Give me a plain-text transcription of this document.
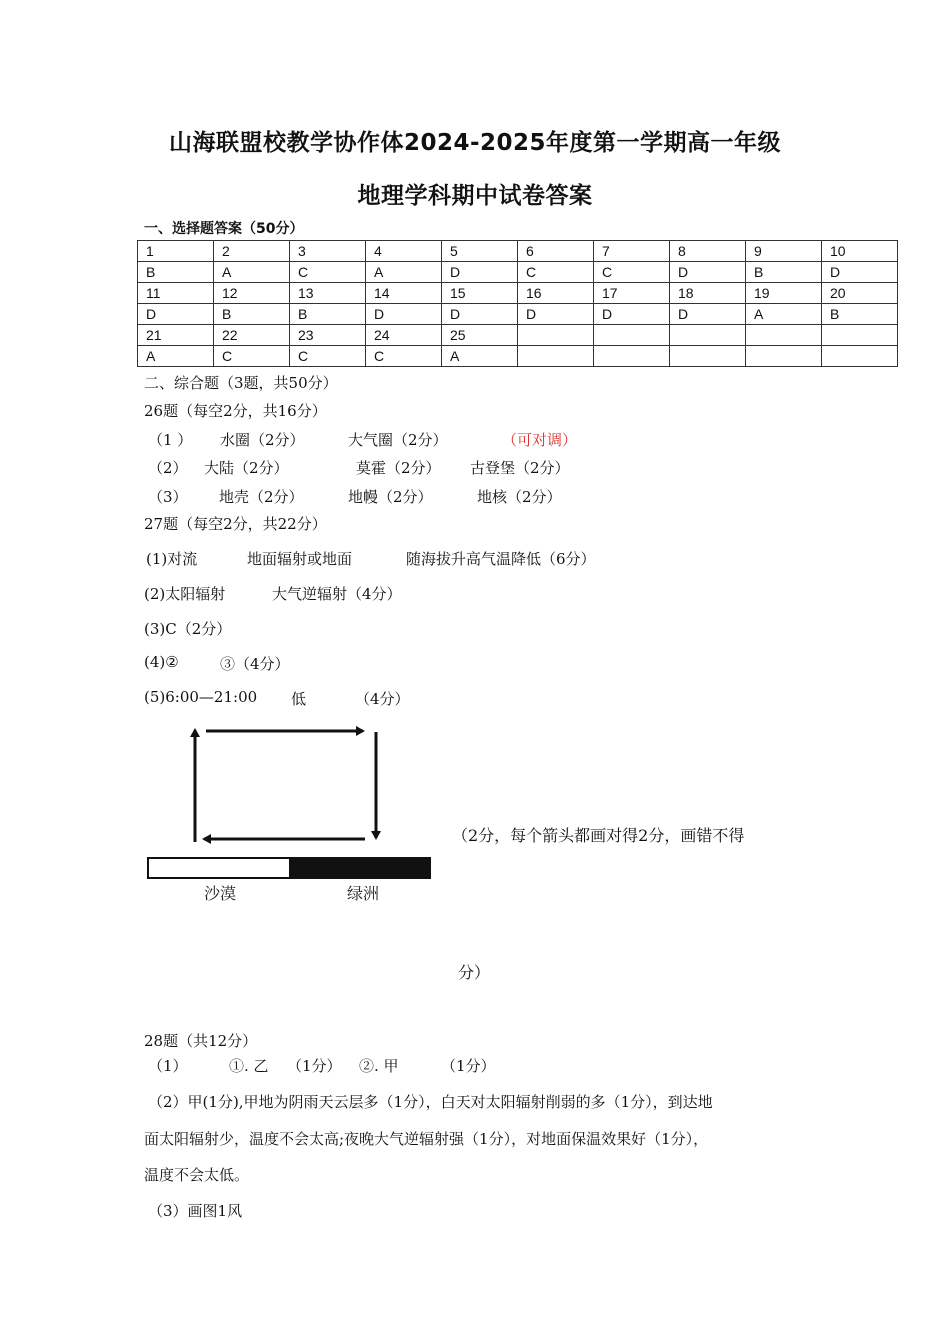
山海联盟校教学协作体2024-2025年度第一学期高一年级
地理学科期中试卷答案
一、选择题答案（50分）
1	2	3	4	5	6	7	8	9	10
B	A	C	A	D	C	C	D	B	D
11	12	13	14	15	16	17	18	19	20
D	B	B	D	D	D	D	D	A	B
21	22	23	24	25					
A	C	C	C	A					
二、综合题（3题，共50分）
26题（每空2分，共16分）
（1 ） 水圈（2分）	大气圈（2分）	（可对调）
（2） 大陆（2分）	莫霍（2分） 古登堡（2分）
（3） 地壳（2分）	地幔（2分）	地核（2分）
27题（每空2分，共22分）
(1)对流	地面辐射或地面	随海拔升高气温降低（6分）
(2)太阳辐射	大气逆辐射（4分）
(3)C（2分）
(4)②	③（4分）
(5)6:00—21:00 低	（4分）
沙漠	绿洲
（2分，每个箭头都画对得2分，画错不得
分）
28题（共12分）
（1）	①. 乙 （1分） ②. 甲	（1分）
（2）甲(1分),甲地为阴雨天云层多（1分），白天对太阳辐射削弱的多（1分），到达地
面太阳辐射少，温度不会太高;夜晚大气逆辐射强（1分），对地面保温效果好（1分），
温度不会太低。
（3）画图1风
